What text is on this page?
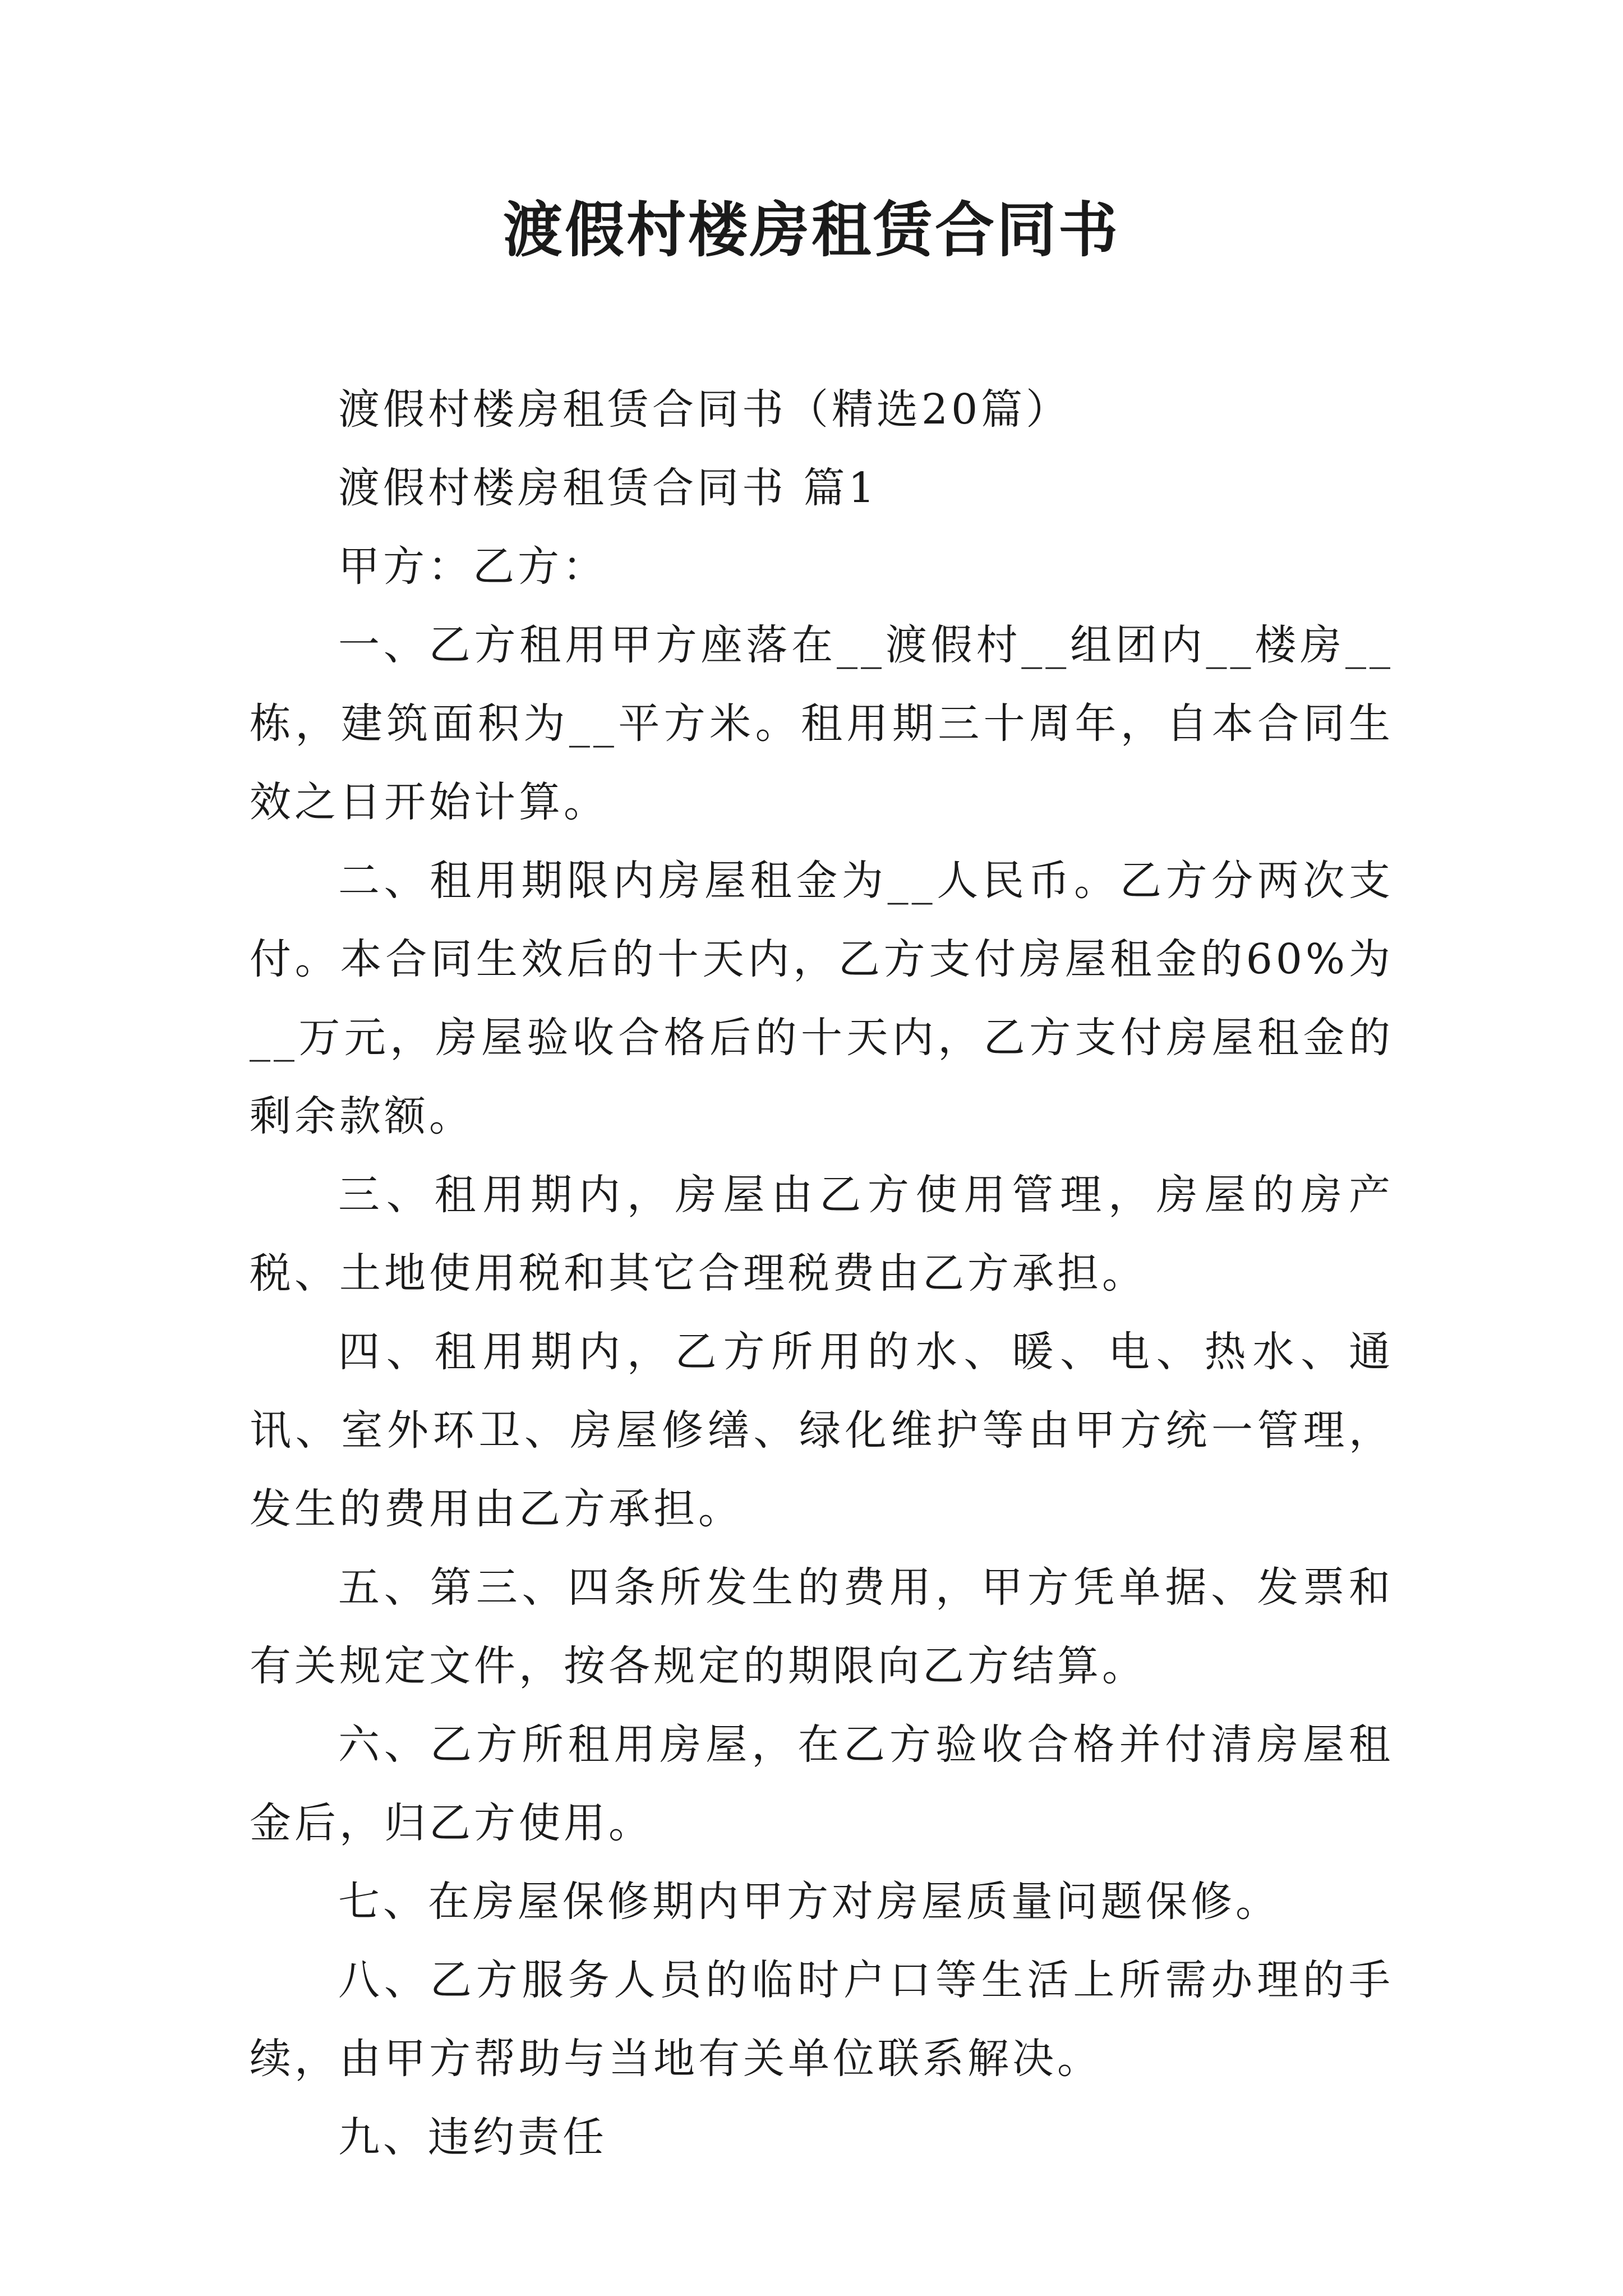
渡假村楼房租赁合同书

渡假村楼房租赁合同书（精选20篇）

渡假村楼房租赁合同书 篇1

甲方：乙方：

一、乙方租用甲方座落在__渡假村__组团内__楼房__栋，建筑面积为__平方米。租用期三十周年，自本合同生效之日开始计算。

二、租用期限内房屋租金为__人民币。乙方分两次支付。本合同生效后的十天内，乙方支付房屋租金的60%为__万元，房屋验收合格后的十天内，乙方支付房屋租金的剩余款额。

三、租用期内，房屋由乙方使用管理，房屋的房产税、土地使用税和其它合理税费由乙方承担。

四、租用期内，乙方所用的水、暖、电、热水、通讯、室外环卫、房屋修缮、绿化维护等由甲方统一管理，发生的费用由乙方承担。

五、第三、四条所发生的费用，甲方凭单据、发票和有关规定文件，按各规定的期限向乙方结算。

六、乙方所租用房屋，在乙方验收合格并付清房屋租金后，归乙方使用。

七、在房屋保修期内甲方对房屋质量问题保修。

八、乙方服务人员的临时户口等生活上所需办理的手续，由甲方帮助与当地有关单位联系解决。

九、违约责任
